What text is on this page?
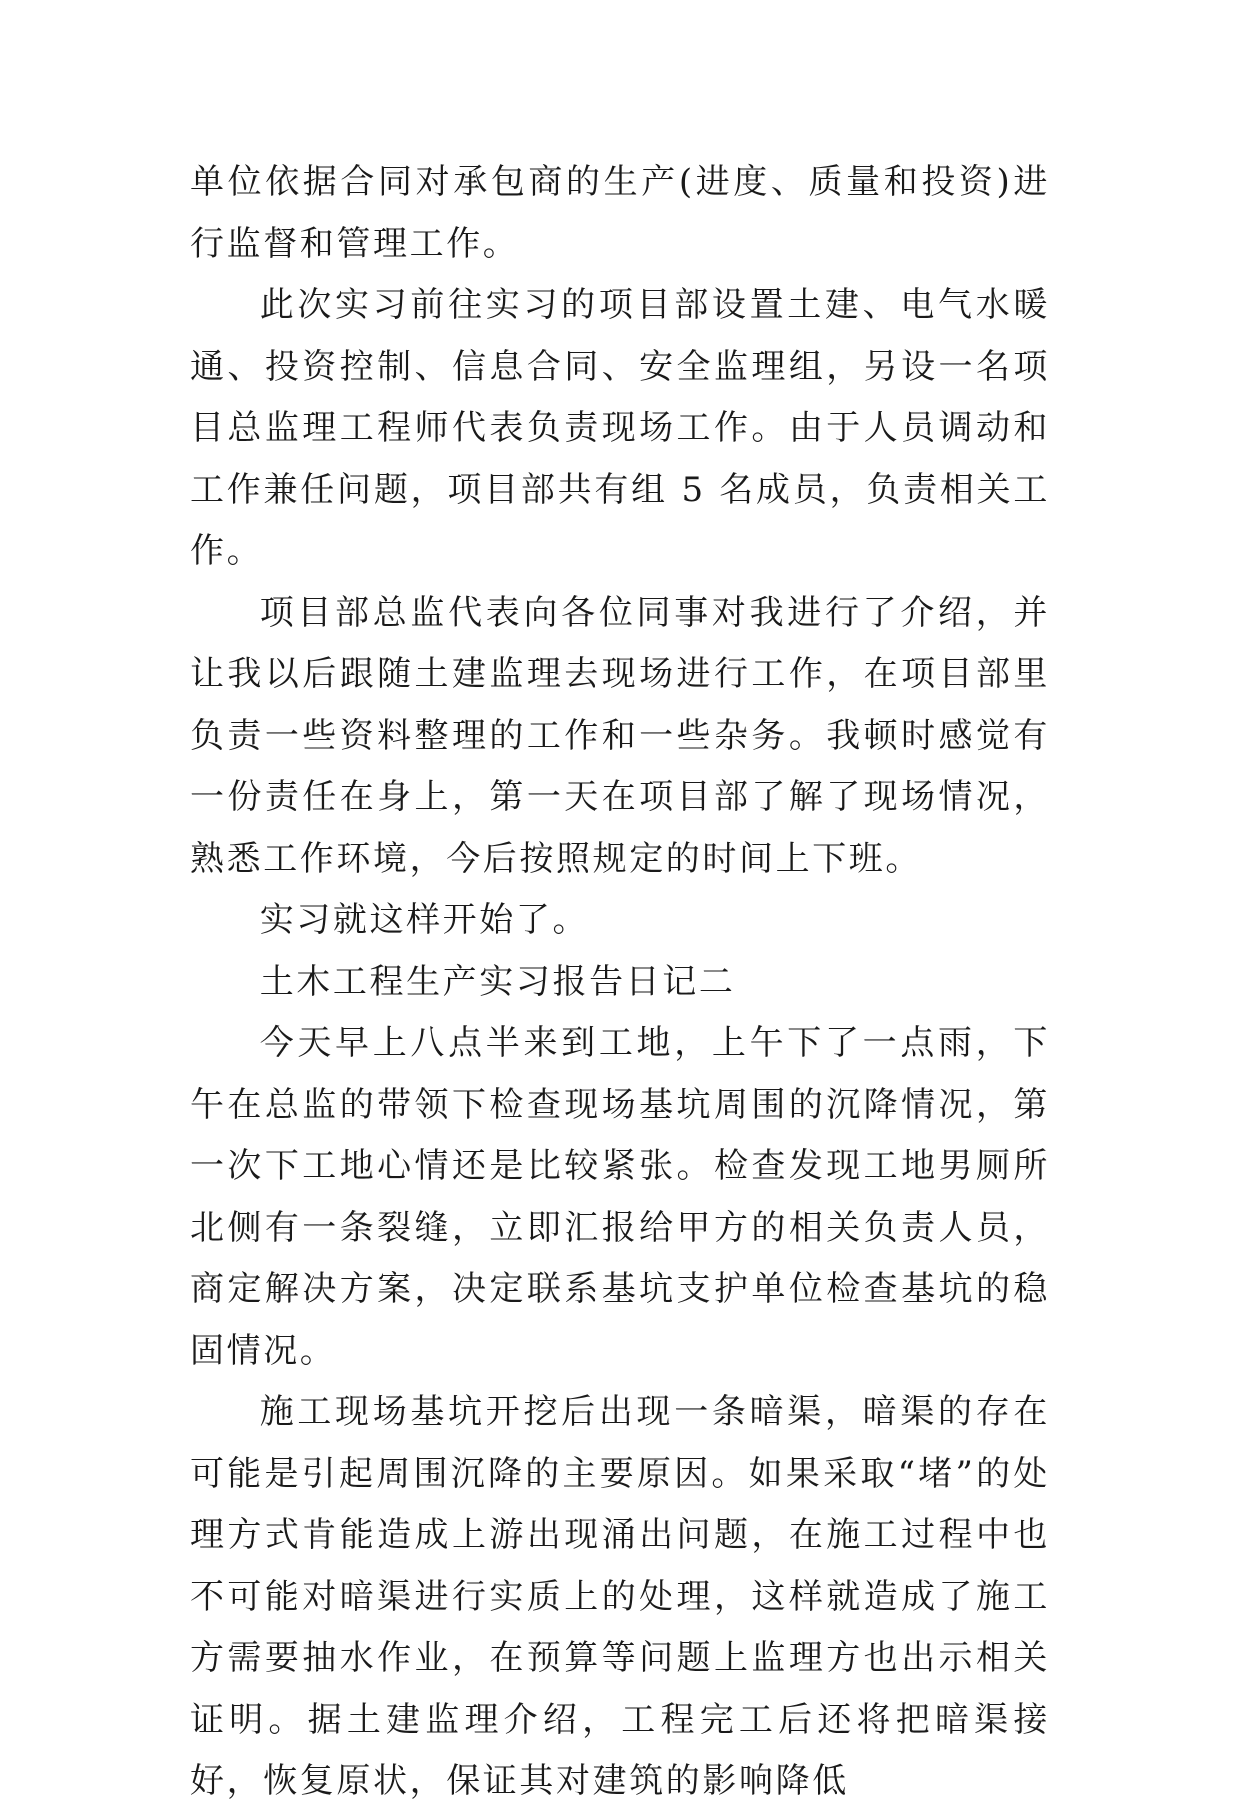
单位依据合同对承包商的生产(进度、质量和投资)进行监督和管理工作。

此次实习前往实习的项目部设置土建、电气水暖通、投资控制、信息合同、安全监理组，另设一名项目总监理工程师代表负责现场工作。由于人员调动和工作兼任问题，项目部共有组 5 名成员，负责相关工作。

项目部总监代表向各位同事对我进行了介绍，并让我以后跟随土建监理去现场进行工作，在项目部里负责一些资料整理的工作和一些杂务。我顿时感觉有一份责任在身上，第一天在项目部了解了现场情况，熟悉工作环境，今后按照规定的时间上下班。

实习就这样开始了。

土木工程生产实习报告日记二

今天早上八点半来到工地，上午下了一点雨，下午在总监的带领下检查现场基坑周围的沉降情况，第一次下工地心情还是比较紧张。检查发现工地男厕所北侧有一条裂缝，立即汇报给甲方的相关负责人员，商定解决方案，决定联系基坑支护单位检查基坑的稳固情况。

施工现场基坑开挖后出现一条暗渠，暗渠的存在可能是引起周围沉降的主要原因。如果采取“堵”的处理方式肯能造成上游出现涌出问题，在施工过程中也不可能对暗渠进行实质上的处理，这样就造成了施工方需要抽水作业，在预算等问题上监理方也出示相关证明。据土建监理介绍，工程完工后还将把暗渠接好，恢复原状，保证其对建筑的影响降低
